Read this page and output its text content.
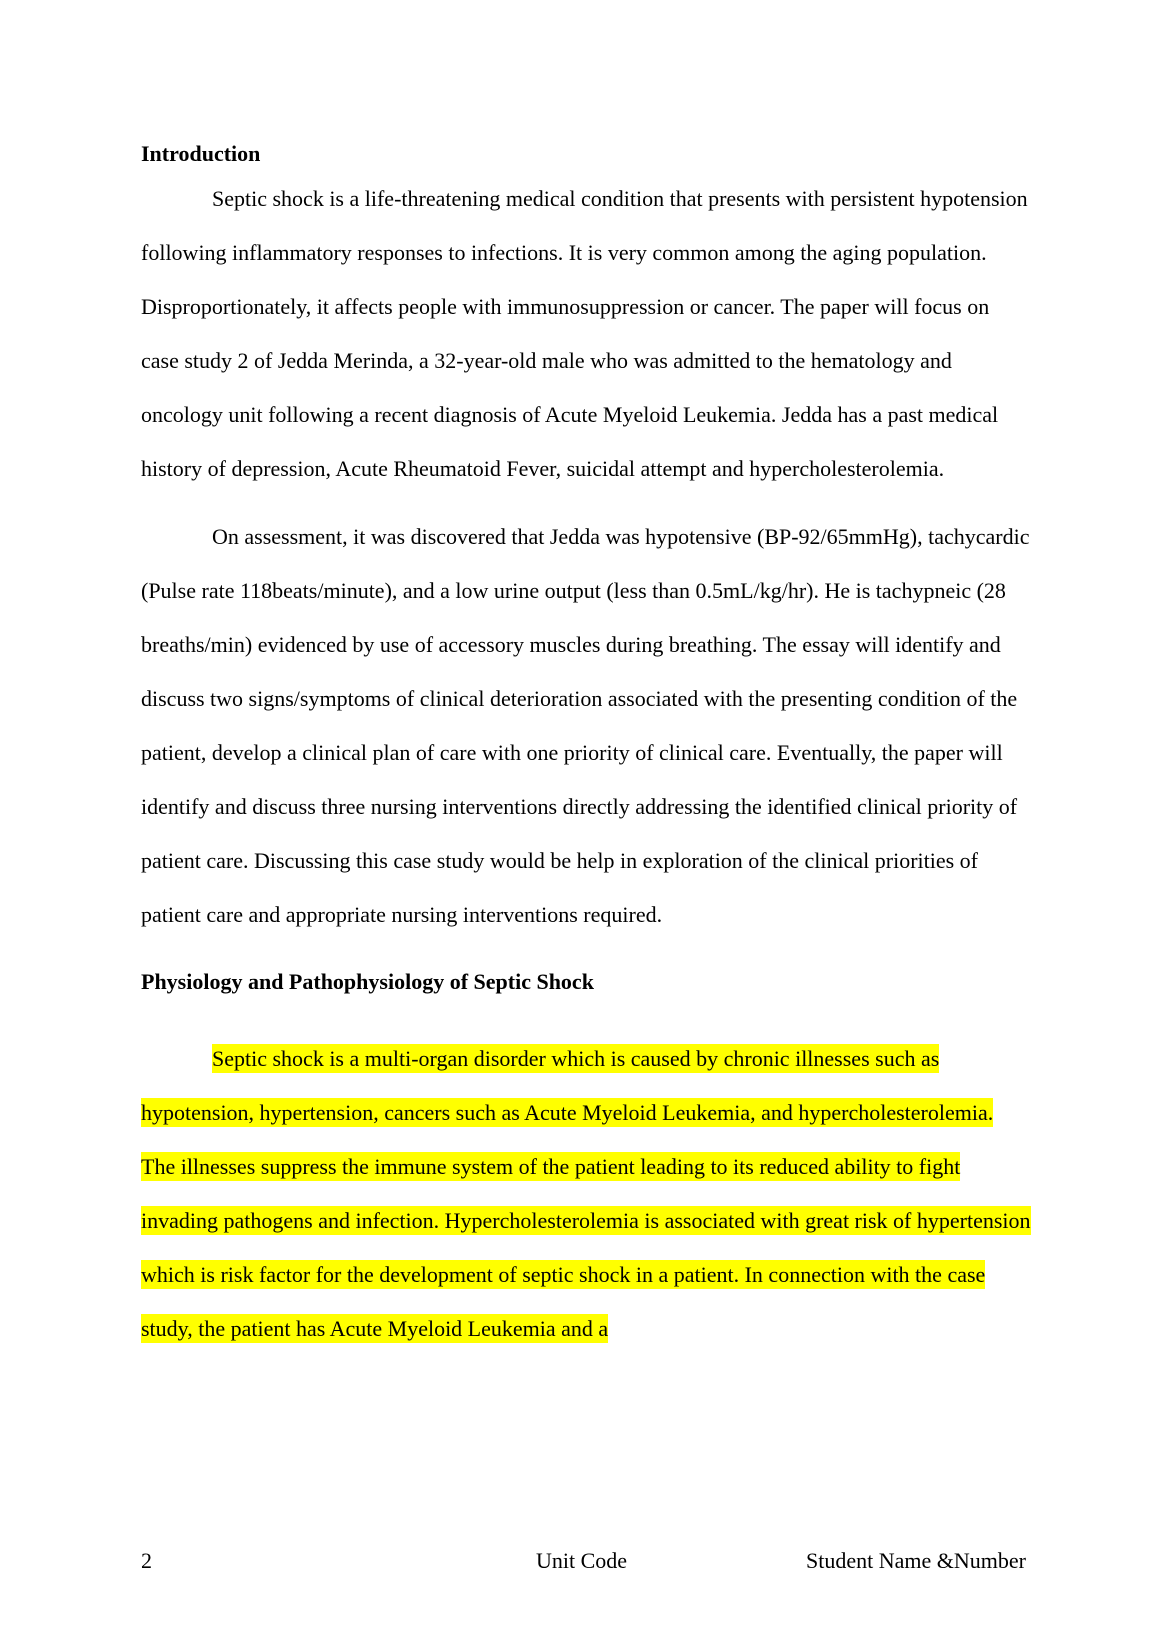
Introduction

Septic shock is a life-threatening medical condition that presents with persistent hypotension following inflammatory responses to infections. It is very common among the aging population. Disproportionately, it affects people with immunosuppression or cancer. The paper will focus on case study 2 of Jedda Merinda, a 32-year-old male who was admitted to the hematology and oncology unit following a recent diagnosis of Acute Myeloid Leukemia. Jedda has a past medical history of depression, Acute Rheumatoid Fever, suicidal attempt and hypercholesterolemia.

On assessment, it was discovered that Jedda was hypotensive (BP-92/65mmHg), tachycardic (Pulse rate 118beats/minute), and a low urine output (less than 0.5mL/kg/hr). He is tachypneic (28 breaths/min) evidenced by use of accessory muscles during breathing. The essay will identify and discuss two signs/symptoms of clinical deterioration associated with the presenting condition of the patient, develop a clinical plan of care with one priority of clinical care. Eventually, the paper will identify and discuss three nursing interventions directly addressing the identified clinical priority of patient care. Discussing this case study would be help in exploration of the clinical priorities of patient care and appropriate nursing interventions required.

Physiology and Pathophysiology of Septic Shock

Septic shock is a multi-organ disorder which is caused by chronic illnesses such as hypotension, hypertension, cancers such as Acute Myeloid Leukemia, and hypercholesterolemia. The illnesses suppress the immune system of the patient leading to its reduced ability to fight invading pathogens and infection. Hypercholesterolemia is associated with great risk of hypertension which is risk factor for the development of septic shock in a patient. In connection with the case study, the patient has Acute Myeloid Leukemia and a

2	Unit Code	Student Name &Number
